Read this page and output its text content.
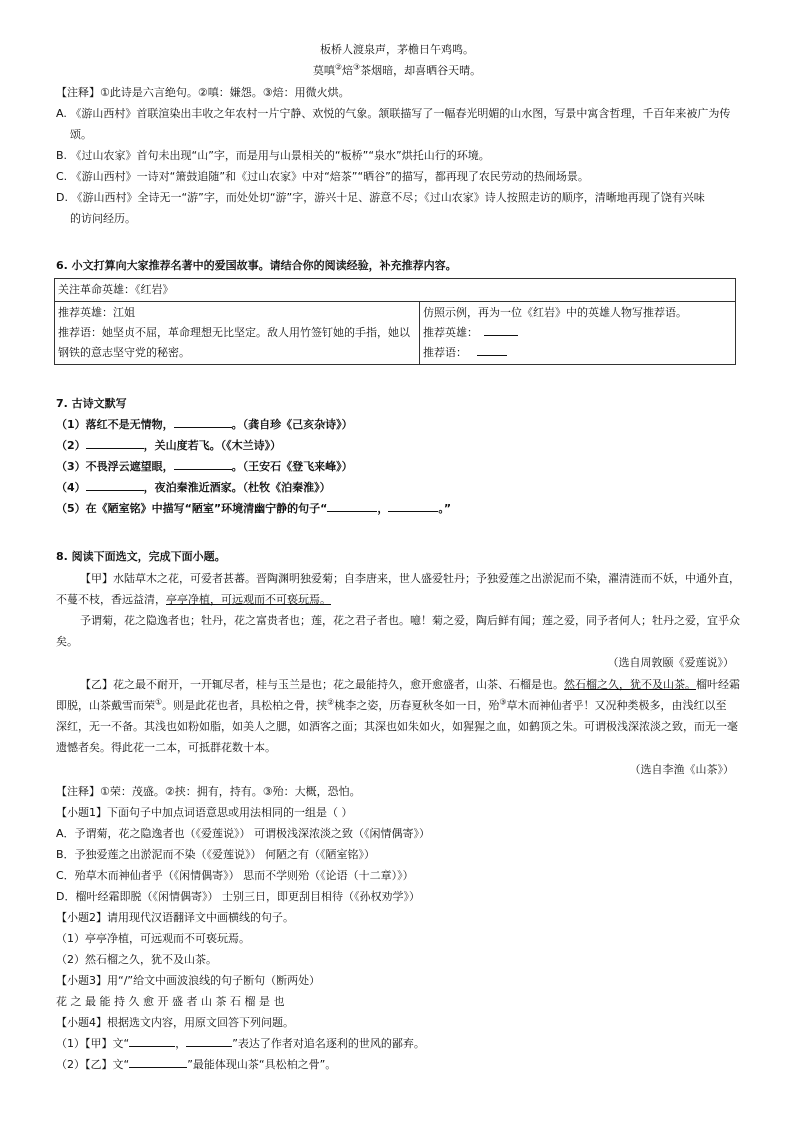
板桥人渡泉声，茅檐日午鸡鸣。
莫嗔②焙③茶烟暗，却喜晒谷天晴。
【注释】①此诗是六言绝句。②嗔：嫌怨。③焙：用微火烘。
A. 《游山西村》首联渲染出丰收之年农村一片宁静、欢悦的气象。颔联描写了一幅春光明媚的山水图，写景中寓含哲理，千百年来被广为传
颂。
B. 《过山农家》首句未出现“山”字，而是用与山景相关的“板桥”“泉水”烘托山行的环境。
C. 《游山西村》一诗对“箫鼓追随”和《过山农家》中对“焙茶”“晒谷”的描写，都再现了农民劳动的热闹场景。
D. 《游山西村》全诗无一“游”字，而处处切“游”字，游兴十足、游意不尽；《过山农家》诗人按照走访的顺序，清晰地再现了饶有兴味
的访问经历。
6. 小文打算向大家推荐名著中的爱国故事。请结合你的阅读经验，补充推荐内容。
关注革命英雄：《红岩》

推荐英雄：江姐
推荐语：她坚贞不屈，革命理想无比坚定。敌人用竹签钉她的手指，她以
钢铁的意志坚守党的秘密。

仿照示例，再为一位《红岩》中的英雄人物写推荐语。
推荐英雄：
推荐语：
7. 古诗文默写
（1）落红不是无情物，	。（龚自珍《己亥杂诗》）
（2）	，关山度若飞。（《木兰诗》）
（3）不畏浮云遮望眼，	。（王安石《登飞来峰》）
（4）	，夜泊秦淮近酒家。（杜牧《泊秦淮》）
（5）在《陋室铭》中描写“陋室”环境清幽宁静的句子“	，	。”
8. 阅读下面选文，完成下面小题。
【甲】水陆草木之花，可爱者甚蕃。晋陶渊明独爱菊；自李唐来，世人盛爱牡丹；予独爱莲之出淤泥而不染，濯清涟而不妖，中通外直，
不蔓不枝，香远益清，亭亭净植，可远观而不可亵玩焉。
予谓菊，花之隐逸者也；牡丹，花之富贵者也；莲，花之君子者也。噫！菊之爱，陶后鲜有闻；莲之爱，同予者何人；牡丹之爱，宜乎众
矣。
（选自周敦颐《爱莲说》）
【乙】花之最不耐开，一开辄尽者，桂与玉兰是也；花之最能持久，愈开愈盛者，山茶、石榴是也。然石榴之久，犹不及山茶。榴叶经霜
即脱，山茶戴雪而荣①。则是此花也者，具松柏之骨，挟②桃李之姿，历春夏秋冬如一日，殆③草木而神仙者乎！又况种类极多，由浅红以至
深红，无一不备。其浅也如粉如脂，如美人之腮，如酒客之面；其深也如朱如火，如猩猩之血，如鹤顶之朱。可谓极浅深浓淡之致，而无一毫
遗憾者矣。得此花一二本，可抵群花数十本。
（选自李渔《山茶》）
【注释】①荣：茂盛。②挟：拥有，持有。③殆：大概，恐怕。
【小题1】下面句子中加点词语意思或用法相同的一组是（ ）
A．予谓菊，花之隐逸者也（《爱莲说》） 可谓极浅深浓淡之致（《闲情偶寄》）
B．予独爱莲之出淤泥而不染（《爱莲说》） 何陋之有（《陋室铭》）
C．殆草木而神仙者乎（《闲情偶寄》） 思而不学则殆（《论语（十二章）》）
D．榴叶经霜即脱（《闲情偶寄》） 士别三日，即更刮目相待（《孙权劝学》）
【小题2】请用现代汉语翻译文中画横线的句子。
（1）亭亭净植，可远观而不可亵玩焉。
（2）然石榴之久，犹不及山茶。
【小题3】用“/”给文中画波浪线的句子断句（断两处）
花 之 最 能 持 久 愈 开 盛 者 山 茶 石 榴 是 也
【小题4】根据选文内容，用原文回答下列问题。
（1）【甲】文“	，	”表达了作者对追名逐利的世风的鄙弃。
（2）【乙】文“	”最能体现山茶“具松柏之骨”。
